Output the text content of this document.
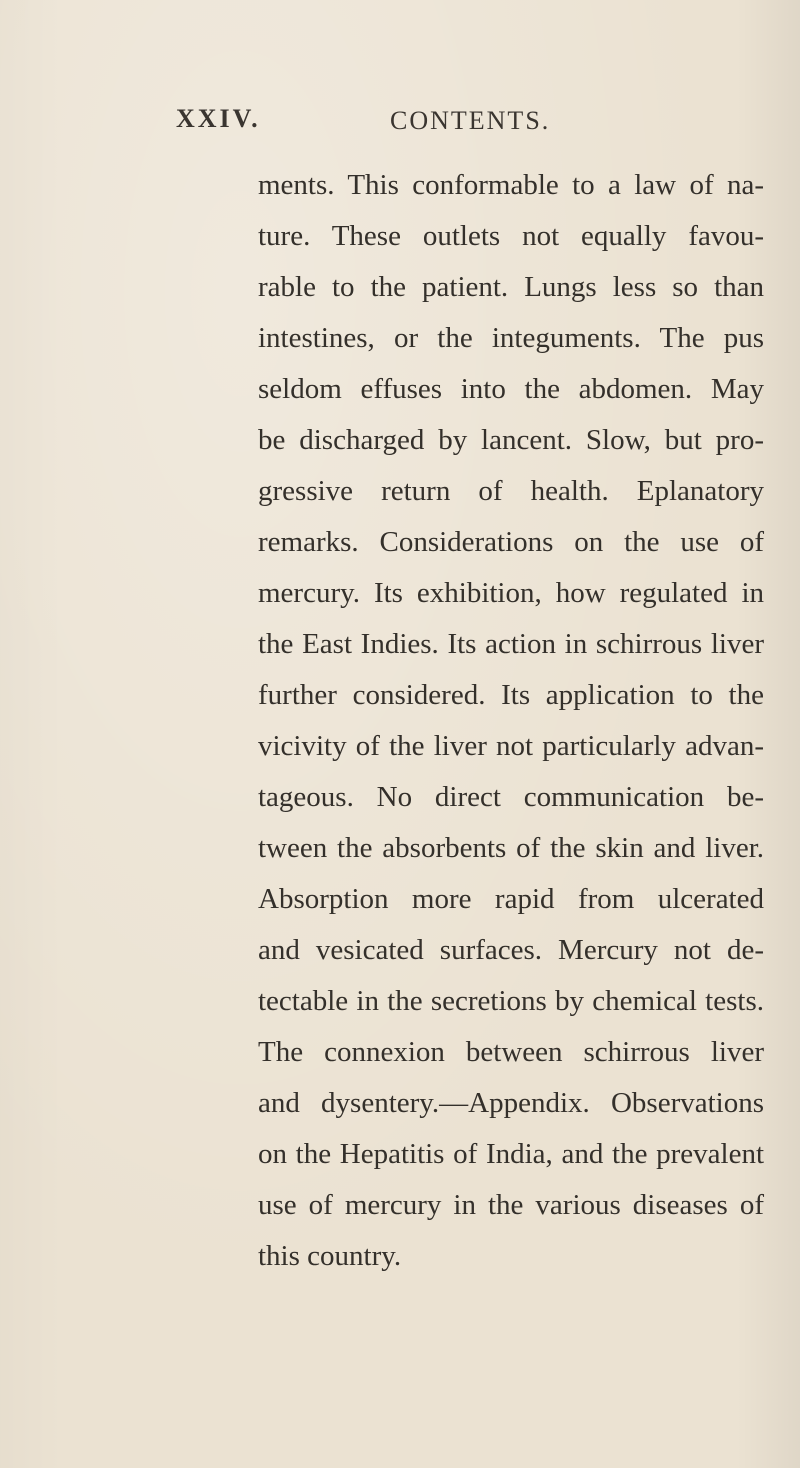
XXIV.	CONTENTS.
ments. This conformable to a law of na-
ture. These outlets not equally favou-
rable to the patient. Lungs less so than
intestines, or the integuments. The pus
seldom effuses into the abdomen. May
be discharged by lancent. Slow, but pro-
gressive return of health. Eplanatory
remarks. Considerations on the use of
mercury. Its exhibition, how regulated in
the East Indies. Its action in schirrous liver
further considered. Its application to the
vicivity of the liver not particularly advan-
tageous. No direct communication be-
tween the absorbents of the skin and liver.
Absorption more rapid from ulcerated
and vesicated surfaces. Mercury not de-
tectable in the secretions by chemical tests.
The connexion between schirrous liver
and dysentery.—Appendix. Observations
on the Hepatitis of India, and the prevalent
use of mercury in the various diseases of
this country.
